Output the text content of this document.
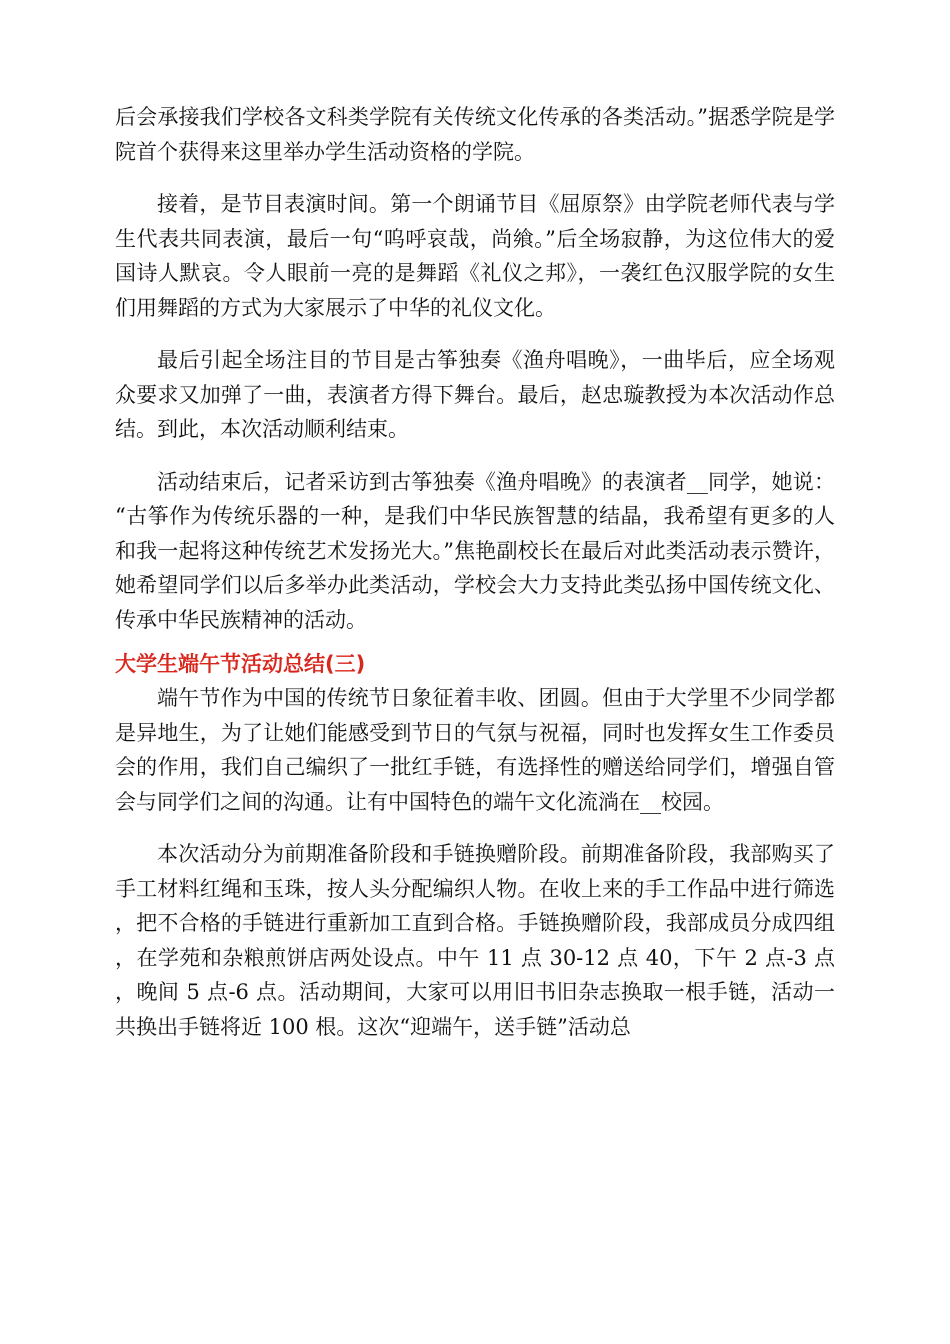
后会承接我们学校各文科类学院有关传统文化传承的各类活动。”据悉学院是学院首个获得来这里举办学生活动资格的学院。

接着，是节目表演时间。第一个朗诵节目《屈原祭》由学院老师代表与学生代表共同表演，最后一句“呜呼哀哉，尚飨。”后全场寂静，为这位伟大的爱国诗人默哀。令人眼前一亮的是舞蹈《礼仪之邦》，一袭红色汉服学院的女生们用舞蹈的方式为大家展示了中华的礼仪文化。

最后引起全场注目的节目是古筝独奏《渔舟唱晚》，一曲毕后，应全场观众要求又加弹了一曲，表演者方得下舞台。最后，赵忠璇教授为本次活动作总结。到此，本次活动顺利结束。

活动结束后，记者采访到古筝独奏《渔舟唱晚》的表演者__同学，她说：“古筝作为传统乐器的一种，是我们中华民族智慧的结晶，我希望有更多的人和我一起将这种传统艺术发扬光大。”焦艳副校长在最后对此类活动表示赞许，她希望同学们以后多举办此类活动，学校会大力支持此类弘扬中国传统文化、传承中华民族精神的活动。

大学生端午节活动总结(三)

端午节作为中国的传统节日象征着丰收、团圆。但由于大学里不少同学都是异地生，为了让她们能感受到节日的气氛与祝福，同时也发挥女生工作委员会的作用，我们自己编织了一批红手链，有选择性的赠送给同学们，增强自管会与同学们之间的沟通。让有中国特色的端午文化流淌在__校园。

本次活动分为前期准备阶段和手链换赠阶段。前期准备阶段，我部购买了手工材料红绳和玉珠，按人头分配编织人物。在收上来的手工作品中进行筛选，把不合格的手链进行重新加工直到合格。手链换赠阶段，我部成员分成四组，在学苑和杂粮煎饼店两处设点。中午 11 点 30-12 点 40，下午 2 点-3 点，晚间 5 点-6 点。活动期间，大家可以用旧书旧杂志换取一根手链，活动一共换出手链将近 100 根。这次“迎端午，送手链”活动总
